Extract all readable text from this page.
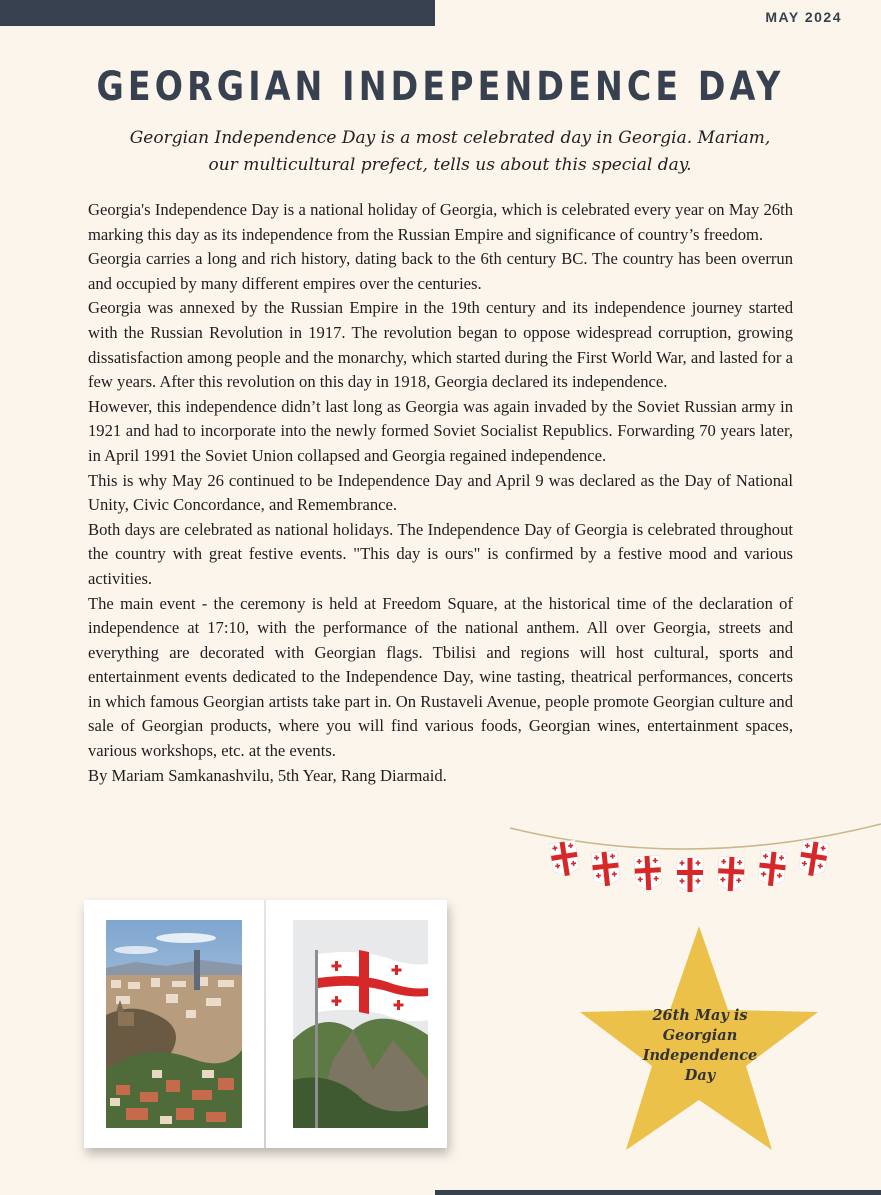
MAY 2024
GEORGIAN INDEPENDENCE DAY
Georgian Independence Day is a most celebrated day in Georgia. Mariam, our multicultural prefect, tells us about this special day.

Georgia's Independence Day is a national holiday of Georgia, which is celebrated every year on May 26th marking this day as its independence from the Russian Empire and significance of country’s freedom.

Georgia carries a long and rich history, dating back to the 6th century BC. The country has been overrun and occupied by many different empires over the centuries.

Georgia was annexed by the Russian Empire in the 19th century and its independence journey started with the Russian Revolution in 1917. The revolution began to oppose widespread corruption, growing dissatisfaction among people and the monarchy, which started during the First World War, and lasted for a few years. After this revolution on this day in 1918, Georgia declared its independence.

However, this independence didn’t last long as Georgia was again invaded by the Soviet Russian army in 1921 and had to incorporate into the newly formed Soviet Socialist Republics. Forwarding 70 years later, in April 1991 the Soviet Union collapsed and Georgia regained independence.

This is why May 26 continued to be Independence Day and April 9 was declared as the Day of National Unity, Civic Concordance, and Remembrance.

Both days are celebrated as national holidays. The Independence Day of Georgia is celebrated throughout the country with great festive events. "This day is ours" is confirmed by a festive mood and various activities.

The main event - the ceremony is held at Freedom Square, at the historical time of the declaration of independence at 17:10, with the performance of the national anthem. All over Georgia, streets and everything are decorated with Georgian flags. Tbilisi and regions will host cultural, sports and entertainment events dedicated to the Independence Day, wine tasting, theatrical performances, concerts in which famous Georgian artists take part in. On Rustaveli Avenue, people promote Georgian culture and sale of Georgian products, where you will find various foods, Georgian wines, entertainment spaces, various workshops, etc. at the events.

By Mariam Samkanashvilu, 5th Year, Rang Diarmaid.

26th May is
Georgian
Independence
Day
